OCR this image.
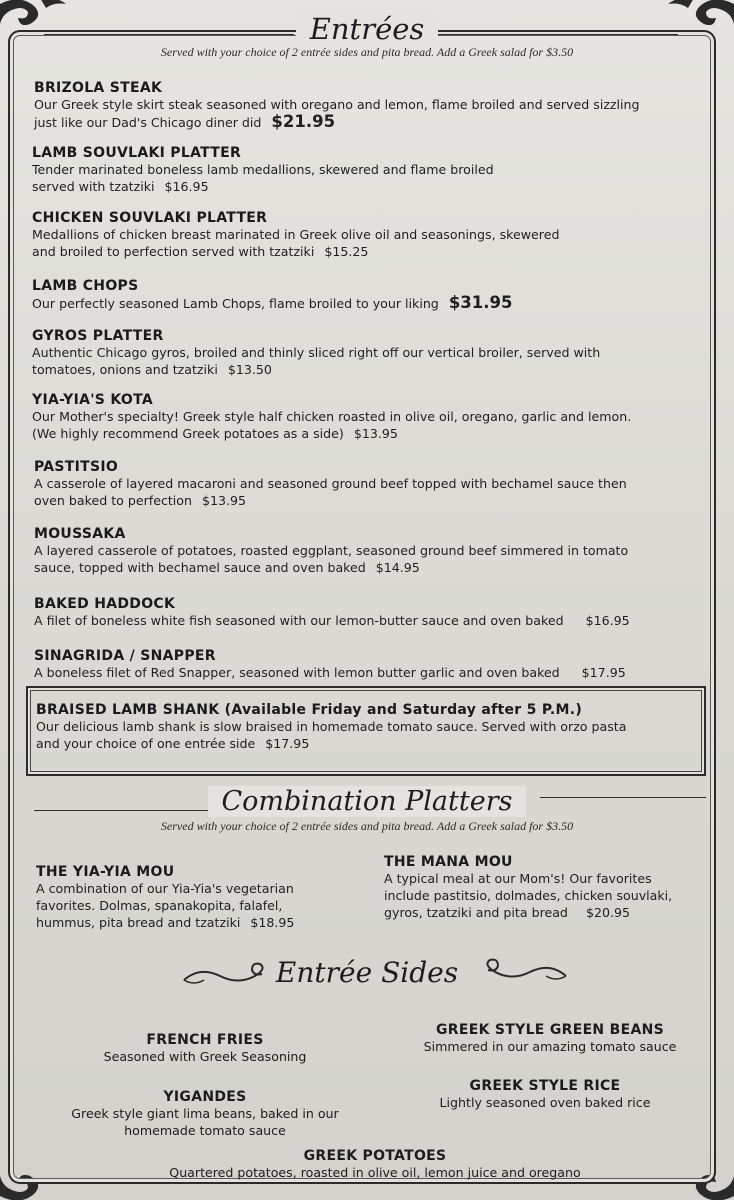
Entrées
Served with your choice of 2 entrée sides and pita bread. Add a Greek salad for $3.50
BRIZOLA STEAK
Our Greek style skirt steak seasoned with oregano and lemon, flame broiled and served sizzling
just like our Dad's Chicago diner did $21.95
LAMB SOUVLAKI PLATTER
Tender marinated boneless lamb medallions, skewered and flame broiled
served with tzatziki $16.95
CHICKEN SOUVLAKI PLATTER
Medallions of chicken breast marinated in Greek olive oil and seasonings, skewered
and broiled to perfection served with tzatziki $15.25
LAMB CHOPS
Our perfectly seasoned Lamb Chops, flame broiled to your liking $31.95
GYROS PLATTER
Authentic Chicago gyros, broiled and thinly sliced right off our vertical broiler, served with
tomatoes, onions and tzatziki $13.50
YIA-YIA'S KOTA
Our Mother's specialty! Greek style half chicken roasted in olive oil, oregano, garlic and lemon.
(We highly recommend Greek potatoes as a side) $13.95
PASTITSIO
A casserole of layered macaroni and seasoned ground beef topped with bechamel sauce then
oven baked to perfection $13.95
MOUSSAKA
A layered casserole of potatoes, roasted eggplant, seasoned ground beef simmered in tomato
sauce, topped with bechamel sauce and oven baked $14.95
BAKED HADDOCK
A filet of boneless white fish seasoned with our lemon-butter sauce and oven baked $16.95
SINAGRIDA / SNAPPER
A boneless filet of Red Snapper, seasoned with lemon butter garlic and oven baked $17.95
BRAISED LAMB SHANK (Available Friday and Saturday after 5 P.M.)
Our delicious lamb shank is slow braised in homemade tomato sauce. Served with orzo pasta
and your choice of one entrée side $17.95
Combination Platters
Served with your choice of 2 entrée sides and pita bread. Add a Greek salad for $3.50
THE YIA-YIA MOU
A combination of our Yia-Yia's vegetarian
favorites. Dolmas, spanakopita, falafel,
hummus, pita bread and tzatziki $18.95
THE MANA MOU
A typical meal at our Mom's! Our favorites
include pastitsio, dolmades, chicken souvlaki,
gyros, tzatziki and pita bread $20.95
Entrée Sides
FRENCH FRIES
Seasoned with Greek Seasoning
GREEK STYLE GREEN BEANS
Simmered in our amazing tomato sauce
YIGANDES
Greek style giant lima beans, baked in our
homemade tomato sauce
GREEK STYLE RICE
Lightly seasoned oven baked rice
GREEK POTATOES
Quartered potatoes, roasted in olive oil, lemon juice and oregano
